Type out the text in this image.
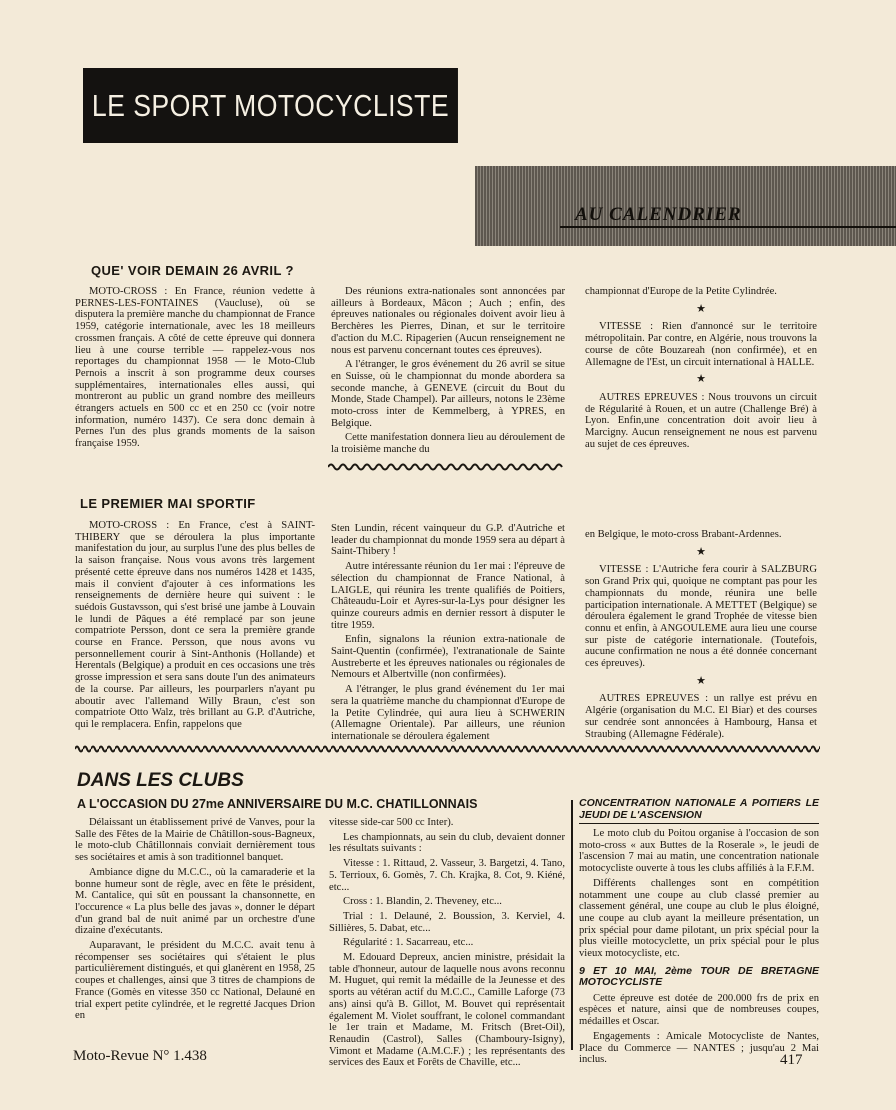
LE SPORT MOTOCYCLISTE
AU CALENDRIER
QUE' VOIR DEMAIN 26 AVRIL ?

MOTO-CROSS : En France, réunion vedette à PERNES-LES-FONTAINES (Vaucluse), où se disputera la première manche du championnat de France 1959, catégorie internationale, avec les 18 meilleurs crossmen français. A côté de cette épreuve qui donnera lieu à une course terrible — rappelez-vous nos reportages du championnat 1958 — le Moto-Club Pernois a inscrit à son programme deux courses supplémentaires, internationales elles aussi, qui montreront au public un grand nombre des meilleurs étrangers actuels en 500 cc et en 250 cc (voir notre information, numéro 1437). Ce sera donc demain à Pernes l'un des plus grands moments de la saison française 1959.

Des réunions extra-nationales sont annoncées par ailleurs à Bordeaux, Mâcon ; Auch ; enfin, des épreuves nationales ou régionales doivent avoir lieu à Berchères les Pierres, Dinan, et sur le territoire d'action du M.C. Ripagerien (Aucun renseignement ne nous est parvenu concernant toutes ces épreuves).

A l'étranger, le gros événement du 26 avril se situe en Suisse, où le championnat du monde abordera sa seconde manche, à GENEVE (circuit du Bout du Monde, Stade Champel). Par ailleurs, notons le 23ème moto-cross inter de Kemmelberg, à YPRES, en Belgique.

Cette manifestation donnera lieu au déroulement de la troisième manche du

championnat d'Europe de la Petite Cylindrée.

★

VITESSE : Rien d'annoncé sur le territoire métropolitain. Par contre, en Algérie, nous trouvons la course de côte Bouzareah (non confirmée), et en Allemagne de l'Est, un circuit international à HALLE.

★

AUTRES EPREUVES : Nous trouvons un circuit de Régularité à Rouen, et un autre (Challenge Bré) à Lyon. Enfin,une concentration doit avoir lieu à Marcigny. Aucun renseignement ne nous est parvenu au sujet de ces épreuves.

LE PREMIER MAI SPORTIF

MOTO-CROSS : En France, c'est à SAINT-THIBERY que se déroulera la plus importante manifestation du jour, au surplus l'une des plus belles de la saison française. Nous vous avons très largement présenté cette épreuve dans nos numéros 1428 et 1435, mais il convient d'ajouter à ces informations les renseignements de dernière heure qui suivent : le suédois Gustavsson, qui s'est brisé une jambe à Louvain le lundi de Pâques a été remplacé par son jeune compatriote Persson, dont ce sera la première grande course en France. Persson, que nous avons vu personnellement courir à Sint-Anthonis (Hollande) et Herentals (Belgique) a produit en ces occasions une très grosse impression et sera sans doute l'un des animateurs de la course. Par ailleurs, les pourparlers n'ayant pu aboutir avec l'allemand Willy Braun, c'est son compatriote Otto Walz, très brillant au G.P. d'Autriche, qui le remplacera. Enfin, rappelons que

Sten Lundin, récent vainqueur du G.P. d'Autriche et leader du championnat du monde 1959 sera au départ à Saint-Thibery !

Autre intéressante réunion du 1er mai : l'épreuve de sélection du championnat de France National, à LAIGLE, qui réunira les trente qualifiés de Poitiers, Châteaudu-Loir et Ayres-sur-la-Lys pour désigner les quinze coureurs admis en dernier ressort à disputer le titre 1959.

Enfin, signalons la réunion extra-nationale de Saint-Quentin (confirmée), l'extranationale de Sainte Austreberte et les épreuves nationales ou régionales de Nemours et Albertville (non confirmées).

A l'étranger, le plus grand événement du 1er mai sera la quatrième manche du championnat d'Europe de la Petite Cylindrée, qui aura lieu à SCHWERIN (Allemagne Orientale). Par ailleurs, une réunion internationale se déroulera également

en Belgique, le moto-cross Brabant-Ardennes.

★

VITESSE : L'Autriche fera courir à SALZBURG son Grand Prix qui, quoique ne comptant pas pour les championnats du monde, réunira une belle participation internationale. A METTET (Belgique) se déroulera également le grand Trophée de vitesse bien connu et enfin, à ANGOULEME aura lieu une course sur piste de catégorie internationale. (Toutefois, aucune confirmation ne nous a été donnée concernant ces épreuves).

★

AUTRES EPREUVES : un rallye est prévu en Algérie (organisation du M.C. El Biar) et des courses sur cendrée sont annoncées à Hambourg, Hansa et Straubing (Allemagne Fédérale).

DANS LES CLUBS
A L'OCCASION DU 27me ANNIVERSAIRE DU M.C. CHATILLONNAIS

Délaissant un établissement privé de Vanves, pour la Salle des Fêtes de la Mairie de Châtillon-sous-Bagneux, le moto-club Châtillonnais conviait dernièrement tous ses sociétaires et amis à son traditionnel banquet.

Ambiance digne du M.C.C., où la camaraderie et la bonne humeur sont de règle, avec en fête le président, M. Cantalice, qui sût en poussant la chansonnette, en l'occurence « La plus belle des javas », donner le départ d'un grand bal de nuit animé par un orchestre d'une dizaine d'exécutants.

Auparavant, le président du M.C.C. avait tenu à récompenser ses sociétaires qui s'étaient le plus particulièrement distingués, et qui glanèrent en 1958, 25 coupes et challenges, ainsi que 3 titres de champions de France (Gomès en vitesse 350 cc National, Delauné en trial expert petite cylindrée, et le regretté Jacques Drion en

vitesse side-car 500 cc Inter).

Les championnats, au sein du club, devaient donner les résultats suivants :

Vitesse : 1. Rittaud, 2. Vasseur, 3. Bargetzi, 4. Tano, 5. Terrioux, 6. Gomès, 7. Ch. Krajka, 8. Cot, 9. Kiéné, etc...

Cross : 1. Blandin, 2. Theveney, etc...

Trial : 1. Delauné, 2. Boussion, 3. Kerviel, 4. Sillières, 5. Dabat, etc...

Régularité : 1. Sacarreau, etc...

M. Edouard Depreux, ancien ministre, présidait la table d'honneur, autour de laquelle nous avons reconnu M. Huguet, qui remit la médaille de la Jeunesse et des sports au vétéran actif du M.C.C., Camille Laforge (73 ans) ainsi qu'à B. Gillot, M. Bouvet qui représentait également M. Violet souffrant, le colonel commandant le 1er train et Madame, M. Fritsch (Bret-Oil), Renaudin (Castrol), Salles (Chamboury-Isigny), Vimont et Madame (A.M.C.F.) ; les représentants des services des Eaux et Forêts de Chaville, etc...

CONCENTRATION NATIONALE A POITIERS LE JEUDI DE L'ASCENSION

Le moto club du Poitou organise à l'occasion de son moto-cross « aux Buttes de la Roserale », le jeudi de l'ascension 7 mai au matin, une concentration nationale motocycliste ouverte à tous les clubs affiliés à la F.F.M.

Différents challenges sont en compétition notamment une coupe au club classé premier au classement général, une coupe au club le plus éloigné, une coupe au club ayant la meilleure présentation, un prix spécial pour dame pilotant, un prix spécial pour la plus vieille motocyclette, un prix spécial pour le plus vieux motocycliste, etc.

9 ET 10 MAI, 2ème TOUR DE BRETAGNE MOTOCYCLISTE

Cette épreuve est dotée de 200.000 frs de prix en espèces et nature, ainsi que de nombreuses coupes, médailles et Oscar.

Engagements : Amicale Motocycliste de Nantes, Place du Commerce — NANTES ; jusqu'au 2 Mai inclus.

Moto-Revue N° 1.438	417
